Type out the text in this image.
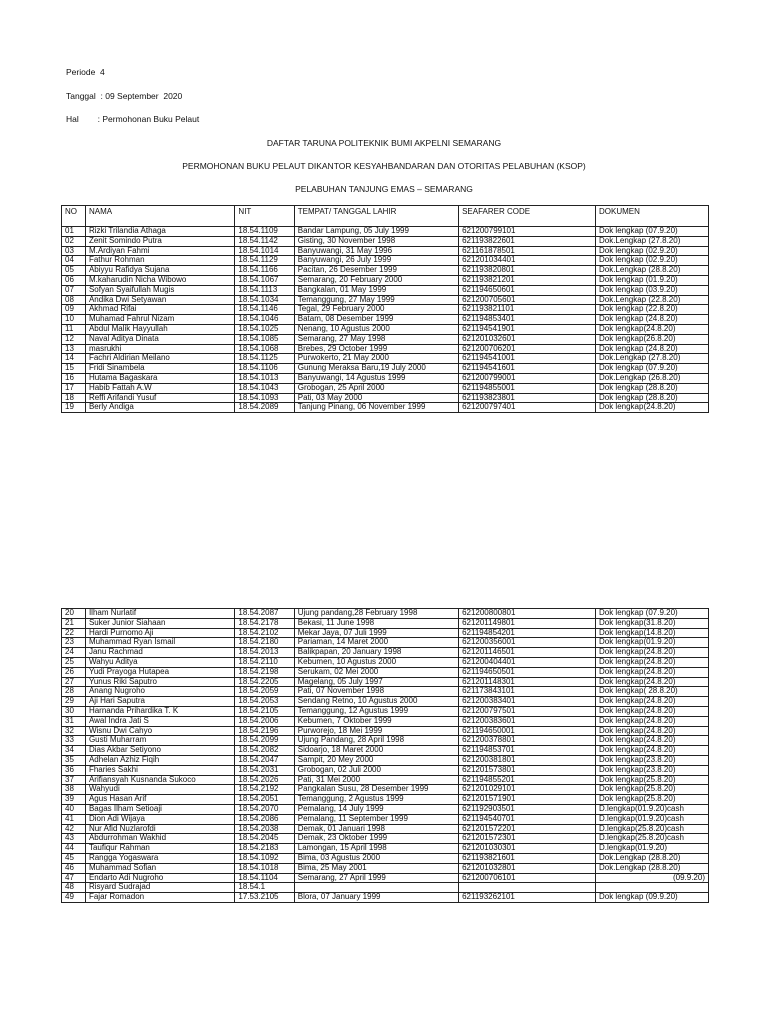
Periode  4
Tanggal  : 09 September  2020
Hal        : Permohonan Buku Pelaut
DAFTAR TARUNA POLITEKNIK BUMI AKPELNI SEMARANG
PERMOHONAN BUKU PELAUT DIKANTOR KESYAHBANDARAN DAN OTORITAS PELABUHAN (KSOP)
PELABUHAN TANJUNG EMAS – SEMARANG
NO	NAMA	NIT	TEMPAT/ TANGGAL LAHIR	SEAFARER CODE	DOKUMEN
01	Rizki Trilandia Athaga	18.54.1109	Bandar Lampung, 05 July 1999	621200799101	Dok lengkap (07.9.20)
02	Zenit Somindo Putra	18.54.1142	Gisting, 30 November 1998	621193822601	Dok.Lengkap (27.8.20)
03	M.Ardiyan Fahmi	18.54.1014	Banyuwangi, 31 May 1996	621161878501	Dok lengkap (02.9.20)
04	Fathur Rohman	18.54.1129	Banyuwangi, 26 July 1999	621201034401	Dok lengkap (02.9.20)
05	Abiyyu Rafidya Sujana	18.54.1166	Pacitan, 26 Desember 1999	621193820801	Dok.Lengkap (28.8.20)
06	M.kaharudin Nicha Wibowo	18.54.1067	Semarang, 20 February 2000	621193821201	Dok lengkap (01.9.20)
07	Sofyan Syaifullah Mugis	18.54.1113	Bangkalan, 01 May 1999	621194650601	Dok lengkap (03.9.20)
08	Andika Dwi Setyawan	18.54.1034	Temanggung, 27 May 1999	621200705601	Dok.Lengkap (22.8.20)
09	Akhmad Rifai	18.54.1146	Tegal, 29 February 2000	621193821101	Dok lengkap (22.8.20)
10	Muhamad Fahrul Nizam	18.54.1046	Batam, 08 Desember 1999	621194853401	Dok lengkap (24.8.20)
11	Abdul Malik Hayyullah	18.54.1025	Nenang, 10 Agustus 2000	621194541901	Dok lengkap(24.8.20)
12	Naval Aditya Dinata	18.54.1085	Semarang, 27 May 1998	621201032601	Dok lengkap(26.8.20)
13	masrukhi	18.54.1068	Brebes, 29 October 1999	621200706201	Dok lengkap (24.8.20)
14	Fachri Aldirian Meilano	18.54.1125	Purwokerto, 21 May 2000	621194541001	Dok.Lengkap (27.8.20)
15	Fridi Sinambela	18.54.1106	Gunung Meraksa Baru,19 July 2000	621194541601	Dok lengkap (07.9.20)
16	Hutama Bagaskara	18.54.1013	Banyuwangi, 14 Agustus 1999	621200799001	Dok.Lengkap (26.8.20)
17	Habib Fattah A.W	18.54.1043	Grobogan, 25 April 2000	621194855001	Dok lengkap (28.8.20)
18	Reffi Arifandi Yusuf	18.54.1093	Pati, 03 May 2000	621193823801	Dok lengkap (28.8.20)
19	Berly Andiga	18.54.2089	Tanjung Pinang, 06 November 1999	621200797401	Dok lengkap(24.8.20)
20	Ilham Nurlatif	18.54.2087	Ujung pandang,28 February 1998	621200800801	Dok lengkap (07.9.20)
21	Suker Junior Siahaan	18.54.2178	Bekasi, 11 June 1998	621201149801	Dok lengkap(31.8.20)
22	Hardi Purnomo Aji	18.54.2102	Mekar Jaya, 07 Juli 1999	621194854201	Dok lengkap(14.8.20)
23	Muhammad Ryan Ismail	18.54.2180	Pariaman, 14 Maret 2000	621200356001	Dok lengkap(01.9.20)
24	Janu Rachmad	18.54.2013	Balikpapan, 20 January 1998	621201146501	Dok lengkap(24.8.20)
25	Wahyu Aditya	18.54.2110	Kebumen, 10 Agustus 2000	621200404401	Dok lengkap(24.8.20)
26	Yudi Prayoga Hutapea	18.54.2198	Serukam, 02 Mei 2000	621194650501	Dok lengkap(24.8.20)
27	Yunus Riki Saputro	18.54.2205	Magelang, 05 July 1997	621201148301	Dok lengkap(24.8.20)
28	Anang Nugroho	18.54.2059	Pati, 07 November 1998	621173843101	Dok lengkap( 28.8.20)
29	Aji Hari Saputra	18.54.2053	Sendang Retno, 10 Agustus 2000	621200383401	Dok lengkap(24.8.20)
30	Harnanda Prihardika T. K	18.54.2105	Temanggung, 12 Agustus 1999	621200797501	Dok lengkap(24.8.20)
31	Awal Indra Jati S	18.54.2006	Kebumen, 7 Oktober 1999	621200383601	Dok lengkap(24.8.20)
32	Wisnu Dwi Cahyo	18.54.2196	Purworejo, 18 Mei 1999	621194650001	Dok lengkap(24.8.20)
33	Gusti Muharram	18.54.2099	Ujung Pandang, 28 April 1998	621200378801	Dok lengkap(24.8.20)
34	Dias Akbar Setiyono	18.54.2082	Sidoarjo, 18 Maret 2000	621194853701	Dok lengkap(24.8.20)
35	Adhelan Azhiz Fiqih	18.54.2047	Sampit, 20 Mey 2000	621200381801	Dok lengkap(23.8.20)
36	Fharies Sakhi	18.54.2031	Grobogan, 02 Juli 2000	621201573801	Dok lengkap(23.8.20)
37	Arifiansyah Kusnanda Sukoco	18.54.2026	Pati, 31 Mei 2000	621194855201	Dok lengkap(25.8.20)
38	Wahyudi	18.54.2192	Pangkalan Susu, 28 Desember 1999	621201029101	Dok lengkap(25.8.20)
39	Agus Hasan Arif	18.54.2051	Temanggung, 2 Agustus 1999	621201571901	Dok lengkap(25.8.20)
40	Bagas Ilham Setioaji	18.54.2070	Pemalang, 14 July 1999	621192903501	D.lengkap(01.9.20)cash
41	Dion Adi Wijaya	18.54.2086	Pemalang, 11 September 1999	621194540701	D.lengkap(01.9.20)cash
42	Nur Afid Nuzlarofdi	18.54.2038	Demak, 01 Januari 1998	621201572201	D.lengkap(25.8.20)cash
43	Abdurrohman Wakhid	18.54.2045	Demak, 23 Oktober 1999	621201572301	D.lengkap(25.8.20)cash
44	Taufiqur Rahman	18.54.2183	Lamongan, 15 April 1998	621201030301	D.lengkap(01.9.20)
45	Rangga Yogaswara	18.54.1092	Bima, 03 Agustus 2000	621193821601	Dok.Lengkap (28.8.20)
46	Muhammad Sofian	18.54.1018	Bima, 25 May 2001	621201032801	Dok.Lengkap (28.8.20)
47	Endarto Adi Nugroho	18.54.1104	Semarang, 27 April 1999	621200706101	(09.9.20)
48	Risyard Sudrajad	18.54.1			
49	Fajar Romadon	17.53.2105	Blora, 07 January 1999	621193262101	Dok lengkap (09.9.20)
